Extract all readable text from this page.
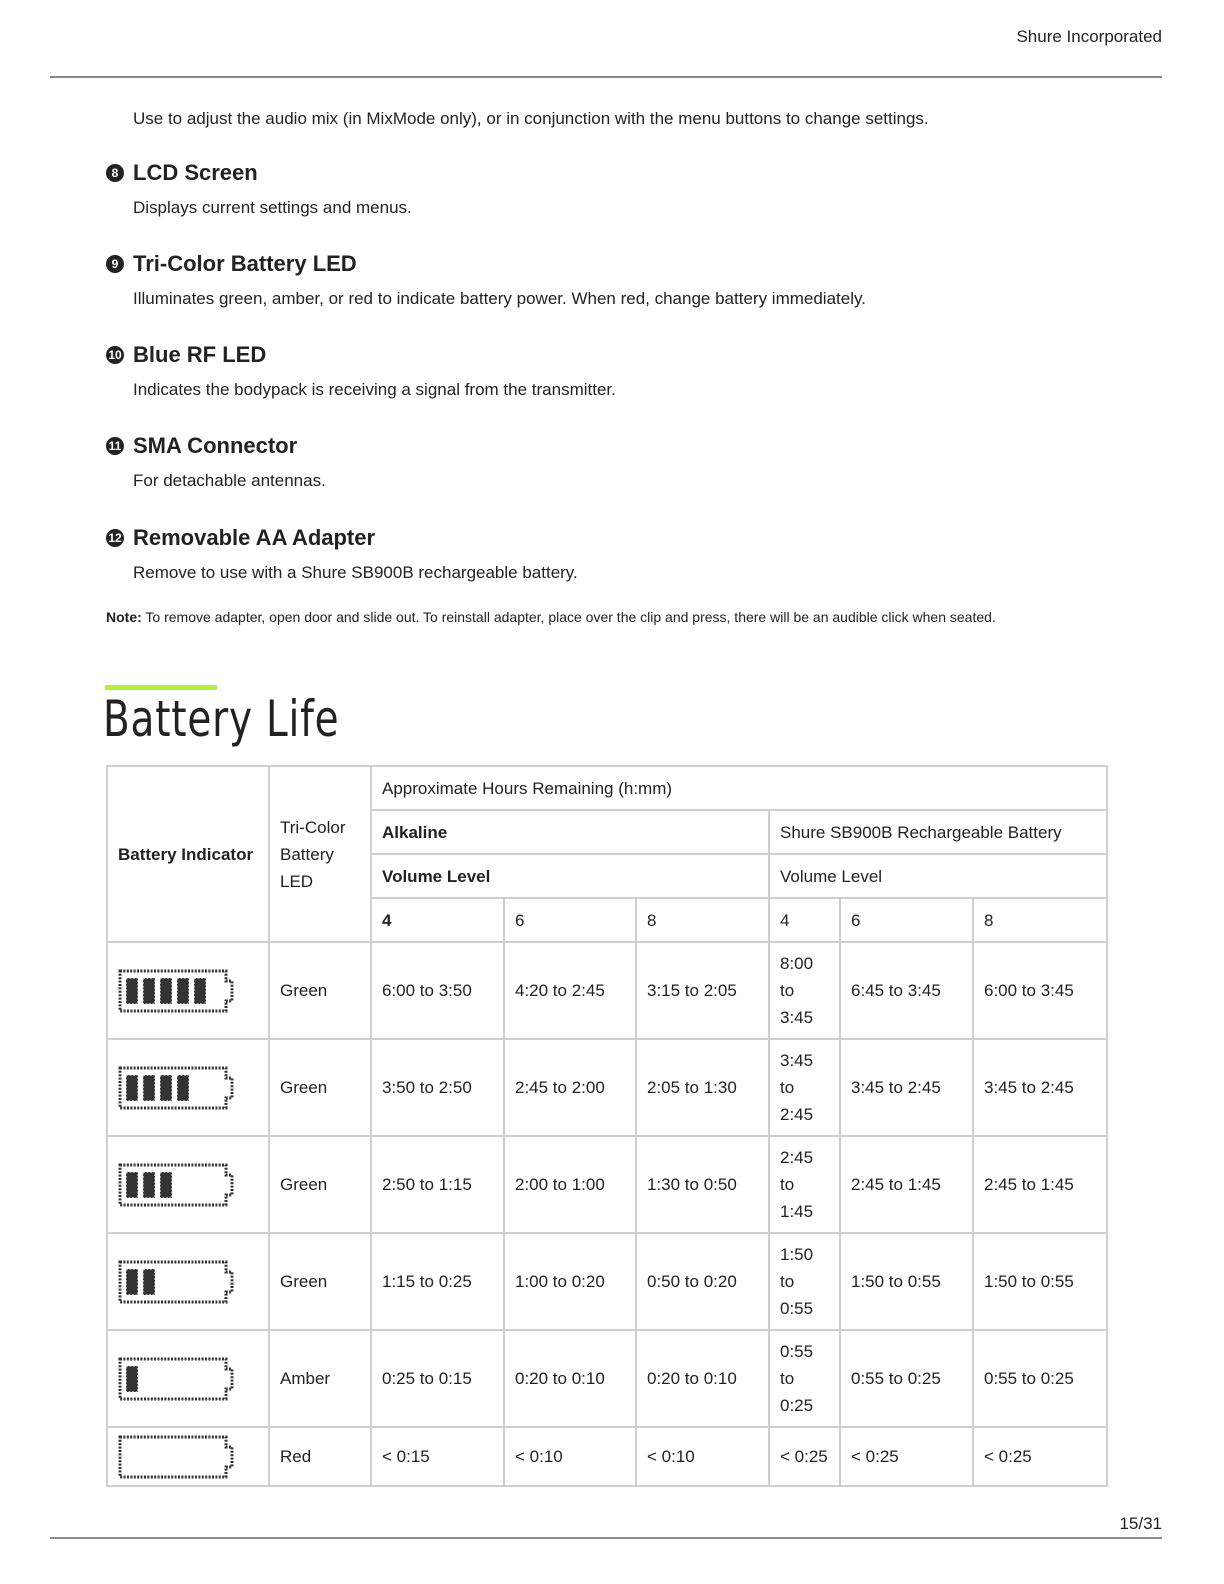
Shure Incorporated
Use to adjust the audio mix (in MixMode only), or in conjunction with the menu buttons to change settings.
8 LCD Screen
Displays current settings and menus.
9 Tri-Color Battery LED
Illuminates green, amber, or red to indicate battery power. When red, change battery immediately.
10 Blue RF LED
Indicates the bodypack is receiving a signal from the transmitter.
11 SMA Connector
For detachable antennas.
12 Removable AA Adapter
Remove to use with a Shure SB900B rechargeable battery.
Note: To remove adapter, open door and slide out. To reinstall adapter, place over the clip and press, there will be an audible click when seated.
Battery Life
Battery Indicator	Tri-Color Battery LED	Approximate Hours Remaining (h:mm)					
		Alkaline			Shure SB900B Rechargeable Battery		
		Volume Level			Volume Level		
		4	6	8	4	6	8

	Green	6:00 to 3:50	4:20 to 2:45	3:15 to 2:05	8:00 to 3:45	6:45 to 3:45	6:00 to 3:45

	Green	3:50 to 2:50	2:45 to 2:00	2:05 to 1:30	3:45 to 2:45	3:45 to 2:45	3:45 to 2:45

	Green	2:50 to 1:15	2:00 to 1:00	1:30 to 0:50	2:45 to 1:45	2:45 to 1:45	2:45 to 1:45

	Green	1:15 to 0:25	1:00 to 0:20	0:50 to 0:20	1:50 to 0:55	1:50 to 0:55	1:50 to 0:55

	Amber	0:25 to 0:15	0:20 to 0:10	0:20 to 0:10	0:55 to 0:25	0:55 to 0:25	0:55 to 0:25

	Red	< 0:15	< 0:10	< 0:10	< 0:25	< 0:25	< 0:25
15/31
